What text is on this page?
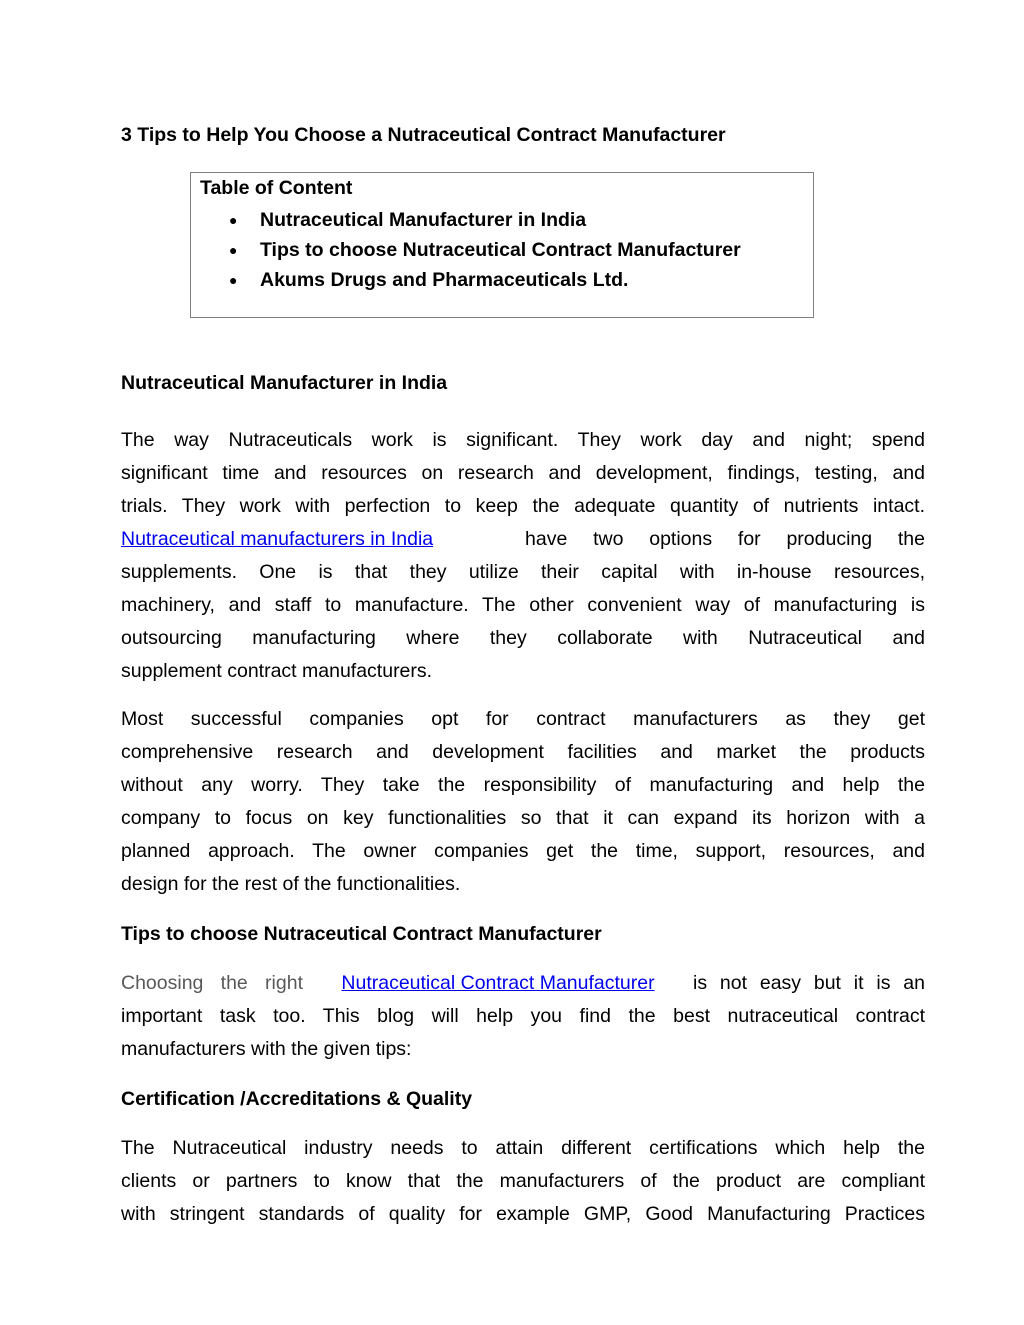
3 Tips to Help You Choose a Nutraceutical Contract Manufacturer
Table of Content
● Nutraceutical Manufacturer in India
● Tips to choose Nutraceutical Contract Manufacturer
● Akums Drugs and Pharmaceuticals Ltd.
Nutraceutical Manufacturer in India
The way Nutraceuticals work is significant. They work day and night; spend
significant time and resources on research and development, findings, testing, and
trials. They work with perfection to keep the adequate quantity of nutrients intact.
Nutraceutical manufacturers in India	have two options for producing the
supplements. One is that they utilize their capital with in-house resources,
machinery, and staff to manufacture. The other convenient way of manufacturing is
outsourcing manufacturing where they collaborate with Nutraceutical and
supplement contract manufacturers.
Most successful companies opt for contract manufacturers as they get
comprehensive research and development facilities and market the products
without any worry. They take the responsibility of manufacturing and help the
company to focus on key functionalities so that it can expand its horizon with a
planned approach. The owner companies get the time, support, resources, and
design for the rest of the functionalities.
Tips to choose Nutraceutical Contract Manufacturer
Choosing the right Nutraceutical Contract Manufacturer is not easy but it is an
important task too. This blog will help you find the best nutraceutical contract
manufacturers with the given tips:
Certification /Accreditations & Quality
The Nutraceutical industry needs to attain different certifications which help the
clients or partners to know that the manufacturers of the product are compliant
with stringent standards of quality for example GMP, Good Manufacturing Practices
